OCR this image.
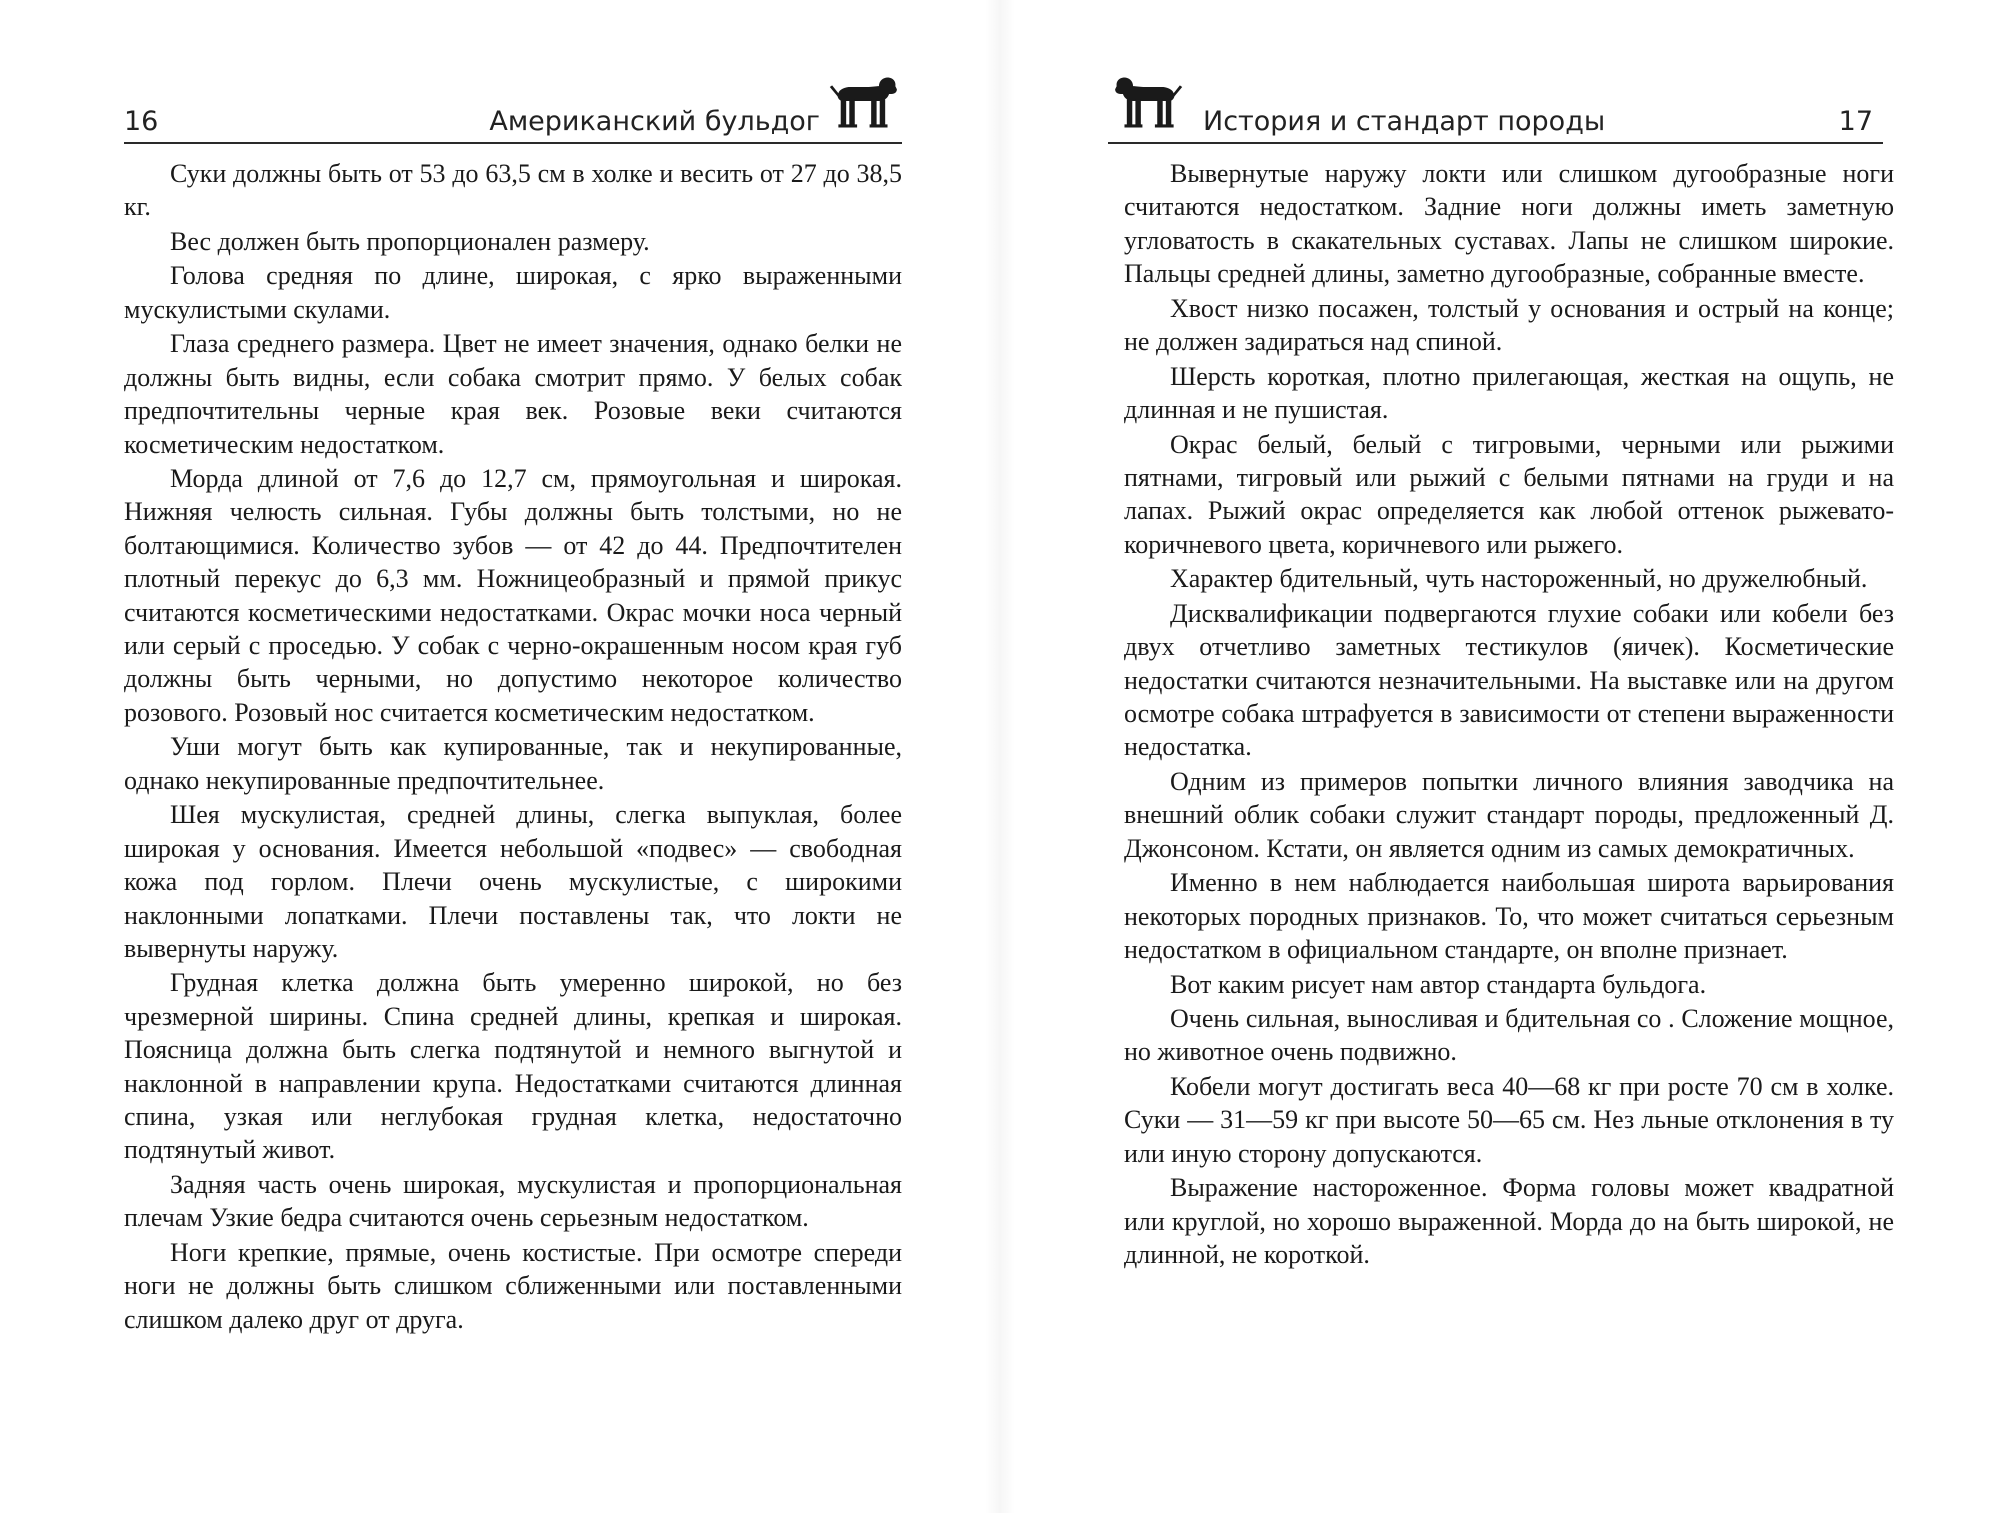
16	Американский бульдог

Суки должны быть от 53 до 63,5 см в холке и весить от 27 до 38,5 кг.

Вес должен быть пропорционален размеру.

Голова средняя по длине, широкая, с ярко выраженными мускулистыми скулами.

Глаза среднего размера. Цвет не имеет значения, однако белки не должны быть видны, если собака смотрит прямо. У белых собак предпочтительны черные края век. Розовые веки считаются косметическим недостатком.

Морда длиной от 7,6 до 12,7 см, прямоугольная и широкая. Нижняя челюсть сильная. Губы должны быть толстыми, но не болтающимися. Количество зубов — от 42 до 44. Предпочтителен плотный перекус до 6,3 мм. Ножницеобразный и прямой прикус считаются косметическими недостатками. Окрас мочки носа черный или серый с проседью. У собак с черно-окрашенным носом края губ должны быть черными, но допустимо некоторое количество розового. Розовый нос считается косметическим недостатком.

Уши могут быть как купированные, так и некупированные, однако некупированные предпочтительнее.

Шея мускулистая, средней длины, слегка выпуклая, более широкая у основания. Имеется небольшой «подвес» — свободная кожа под горлом. Плечи очень мускулистые, с широкими наклонными лопатками. Плечи поставлены так, что локти не вывернуты наружу.

Грудная клетка должна быть умеренно широкой, но без чрезмерной ширины. Спина средней длины, крепкая и широкая. Поясница должна быть слегка подтянутой и немного выгнутой и наклонной в направлении крупа. Недостатками считаются длинная спина, узкая или неглубокая грудная клетка, недостаточно подтянутый живот.

Задняя часть очень широкая, мускулистая и пропорциональная плечам Узкие бедра считаются очень серьезным недостатком.

Ноги крепкие, прямые, очень костистые. При осмотре спереди ноги не должны быть слишком сближенными или поставленными слишком далеко друг от друга.

История и стандарт породы	17

Вывернутые наружу локти или слишком дугообразные ноги считаются недостатком. Задние ноги должны иметь заметную угловатость в скакательных суставах. Лапы не слишком широкие. Пальцы средней длины, заметно дугообразные, собранные вместе.

Хвост низко посажен, толстый у основания и острый на конце; не должен задираться над спиной.

Шерсть короткая, плотно прилегающая, жесткая на ощупь, не длинная и не пушистая.

Окрас белый, белый с тигровыми, черными или рыжими пятнами, тигровый или рыжий с белыми пятнами на груди и на лапах. Рыжий окрас определяется как любой оттенок рыжевато-коричневого цвета, коричневого или рыжего.

Характер бдительный, чуть настороженный, но дружелюбный.

Дисквалификации подвергаются глухие собаки или кобели без двух отчетливо заметных тестикулов (яичек). Косметические недостатки считаются незначительными. На выставке или на другом осмотре собака штрафуется в зависимости от степени выраженности недостатка.

Одним из примеров попытки личного влияния заводчика на внешний облик собаки служит стандарт породы, предложенный Д. Джонсоном. Кстати, он является одним из самых демократичных.

Именно в нем наблюдается наибольшая широта варьирования некоторых породных признаков. То, что может считаться серьезным недостатком в официальном стандарте, он вполне признает.

Вот каким рисует нам автор стандарта бульдога.

Очень сильная, выносливая и бдительная со . Сложение мощное, но животное очень подвижно.

Кобели могут достигать веса 40—68 кг при росте 70 см в холке. Суки — 31—59 кг при высоте 50—65 см. Нез льные отклонения в ту или иную сторону допускаются.

Выражение настороженное. Форма головы может квадратной или круглой, но хорошо выраженной. Морда до на быть широкой, не длинной, не короткой.
